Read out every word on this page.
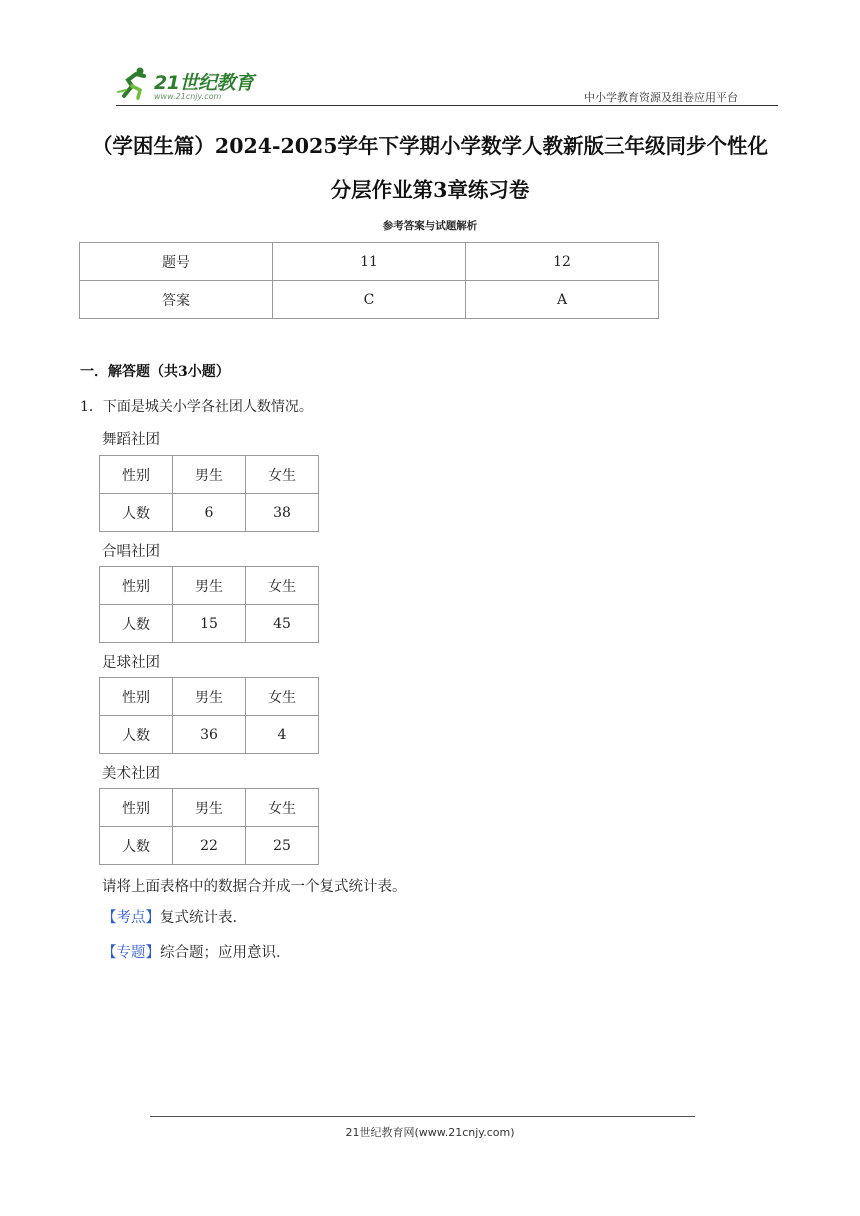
21世纪教育
www.21cnjy.com	中小学教育资源及组卷应用平台
（学困生篇）2024-2025学年下学期小学数学人教新版三年级同步个性化
分层作业第3章练习卷
参考答案与试题解析
题号	11	12
答案	C	A
一．解答题（共3小题）
1．下面是城关小学各社团人数情况。
舞蹈社团
性别	男生	女生
人数	6	38
合唱社团
性别	男生	女生
人数	15	45
足球社团
性别	男生	女生
人数	36	4
美术社团
性别	男生	女生
人数	22	25
请将上面表格中的数据合并成一个复式统计表。
【考点】复式统计表．
【专题】综合题；应用意识．
21世纪教育网(www.21cnjy.com)
